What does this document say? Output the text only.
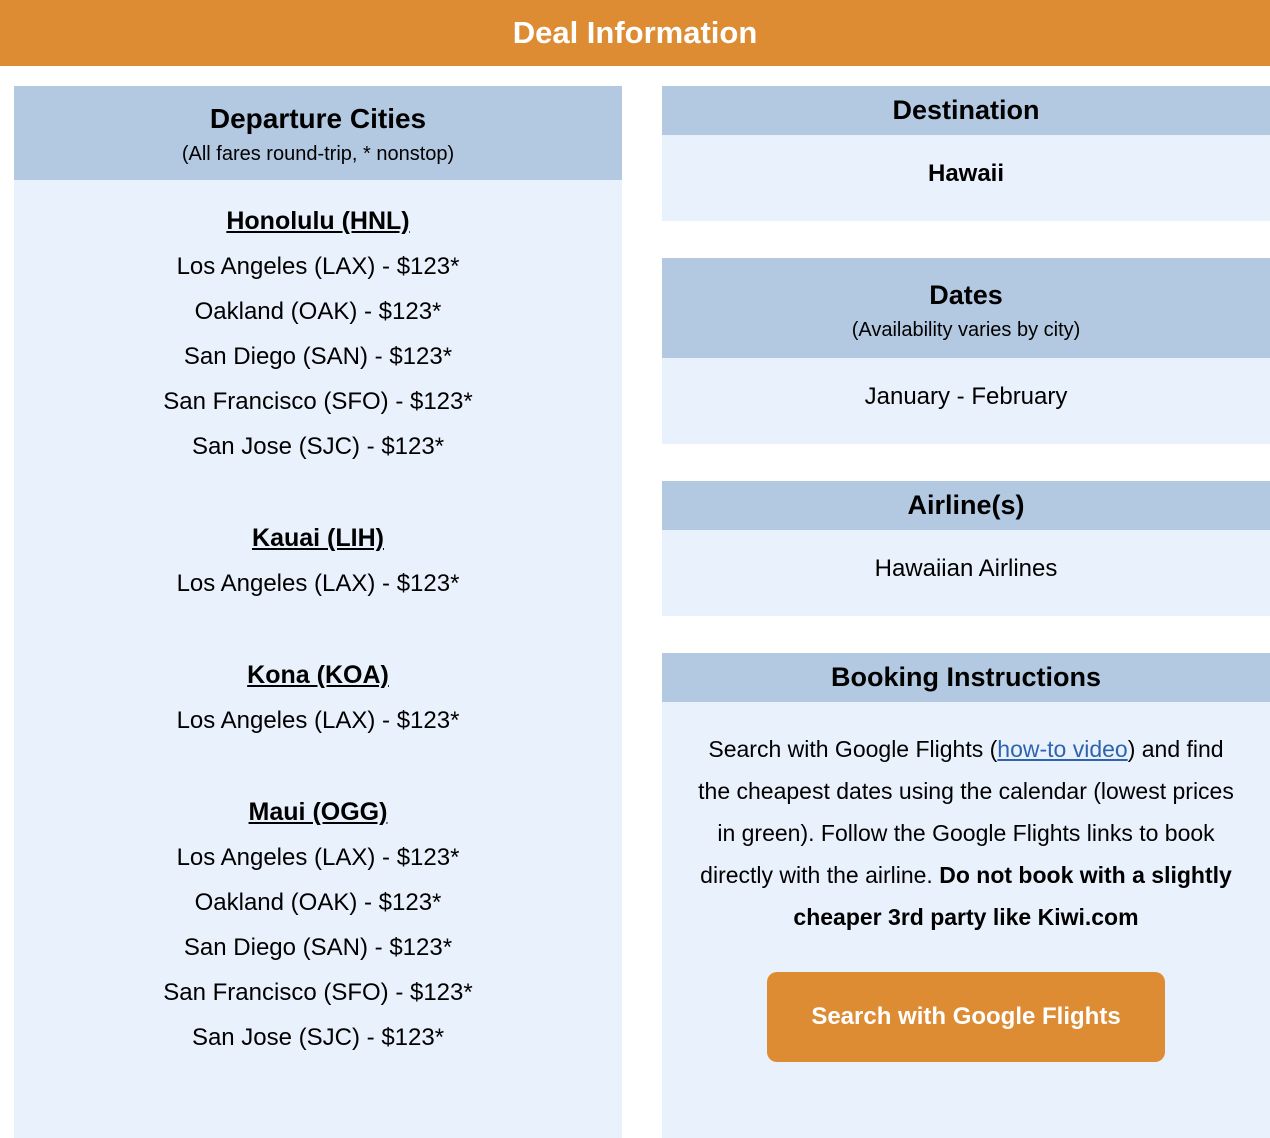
Deal Information
Departure Cities
(All fares round-trip, * nonstop)
Honolulu (HNL)
Los Angeles (LAX) - $123*
Oakland (OAK) - $123*
San Diego (SAN) - $123*
San Francisco (SFO) - $123*
San Jose (SJC) - $123*
Kauai (LIH)
Los Angeles (LAX) - $123*
Kona (KOA)
Los Angeles (LAX) - $123*
Maui (OGG)
Los Angeles (LAX) - $123*
Oakland (OAK) - $123*
San Diego (SAN) - $123*
San Francisco (SFO) - $123*
San Jose (SJC) - $123*
Destination
Hawaii
Dates
(Availability varies by city)
January - February
Airline(s)
Hawaiian Airlines
Booking Instructions

Search with Google Flights (how-to video) and find the cheapest dates using the calendar (lowest prices in green). Follow the Google Flights links to book directly with the airline. Do not book with a slightly cheaper 3rd party like Kiwi.com

Search with Google Flights
